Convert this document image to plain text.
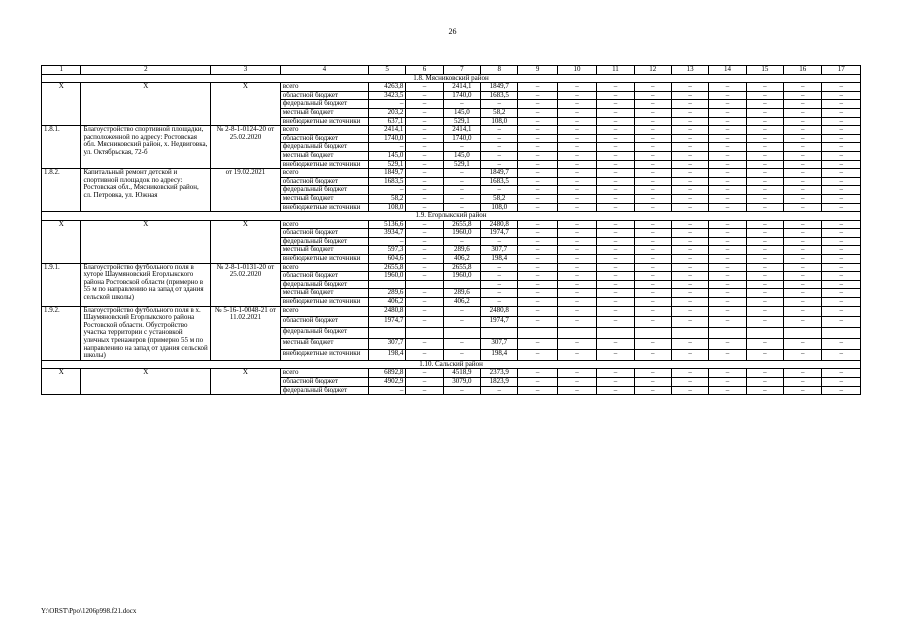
26
1	2	3	4	5	6	7	8	9	10	11	12	13	14	15	16	17
1.8. Мясниковский район																
Х	Х	Х	всего	4263,8	–	2414,1	1849,7	–	–	–	–	–	–	–	–	–
			областной бюджет	3423,5	–	1740,0	1683,5	–	–	–	–	–	–	–	–	–
			федеральный бюджет	–	–	–	–	–	–	–	–	–	–	–	–	–
			местный бюджет	203,2	–	145,0	58,2	–	–	–	–	–	–	–	–	–
			внебюджетные источники	637,1	–	529,1	108,0	–	–	–	–	–	–	–	–	–
1.8.1.	Благоустройство спортивной площадки, расположенной по адресу: Ростовская обл. Мясниковский район, х. Недвиговка, ул. Октябрьская, 72-б	№ 2-8-1-0124-20 от 25.02.2020	всего	2414,1	–	2414,1	–	–	–	–	–	–	–	–	–	–
			областной бюджет	1740,0	–	1740,0	–	–	–	–	–	–	–	–	–	–
			федеральный бюджет	–	–	–	–	–	–	–	–	–	–	–	–	–
			местный бюджет	145,0	–	145,0	–	–	–	–	–	–	–	–	–	–
			внебюджетные источники	529,1	–	529,1	–	–	–	–	–	–	–	–	–	–
1.8.2.	Капитальный ремонт детской и спортивной площадок по адресу: Ростовская обл., Мясниковский район, сл. Петровка, ул. Южная	от 19.02.2021	всего	1849,7	–	–	1849,7	–	–	–	–	–	–	–	–	–
			областной бюджет	1683,5	–	–	1683,5	–	–	–	–	–	–	–	–	–
			федеральный бюджет	–	–	–	–	–	–	–	–	–	–	–	–	–
			местный бюджет	58,2	–	–	58,2	–	–	–	–	–	–	–	–	–
			внебюджетные источники	108,0	–	–	108,0	–	–	–	–	–	–	–	–	–
1.9. Егорлыкский район																
Х	Х	Х	всего	5136,6	–	2655,8	2480,8	–	–	–	–	–	–	–	–	–
			областной бюджет	3934,7	–	1960,0	1974,7	–	–	–	–	–	–	–	–	–
			федеральный бюджет	–	–	–	–	–	–	–	–	–	–	–	–	–
			местный бюджет	597,3	–	289,6	307,7	–	–	–	–	–	–	–	–	–
			внебюджетные источники	604,6	–	406,2	198,4	–	–	–	–	–	–	–	–	–
1.9.1.	Благоустройство футбольного поля в хуторе Шаумяновский Егорлыкского района Ростовской области (примерно в 55 м по направлению на запад от здания сельской школы)	№ 2-8-1-0131-20 от 25.02.2020	всего	2655,8	–	2655,8	–	–	–	–	–	–	–	–	–	–
			областной бюджет	1960,0	–	1960,0	–	–	–	–	–	–	–	–	–	–
			федеральный бюджет				–	–	–	–	–	–	–	–	–	–
			местный бюджет	289,6	–	289,6	–	–	–	–	–	–	–	–	–	–
			внебюджетные источники	406,2	–	406,2	–	–	–	–	–	–	–	–	–	–
1.9.2.	Благоустройство футбольного поля в х. Шаумяновский Егорлыкского района Ростовской области. Обустройство участка территории с установкой уличных тренажеров (примерно 55 м по направлению на запад от здания сельской школы)	№ 5-16-1-0048-21 от 11.02.2021	всего	2480,8	–	–	2480,8	–	–	–	–	–	–	–	–	–
			областной бюджет	1974,7	–	–	1974,7	–	–	–	–	–	–	–	–	–
			федеральный бюджет													
			местный бюджет	307,7	–	–	307,7	–	–	–	–	–	–	–	–	–
			внебюджетные источники	198,4	–	–	198,4	–	–	–	–	–	–	–	–	–
1.10. Сальский район																
Х	Х	Х	всего	6892,8	–	4518,9	2373,9	–	–	–	–	–	–	–	–	–
			областной бюджет	4902,9	–	3079,0	1823,9	–	–	–	–	–	–	–	–	–
			федеральный бюджет	–	–	–	–	–	–	–	–	–	–	–	–	–
Y:\ORST\Ppo\1206p998.f21.docx
